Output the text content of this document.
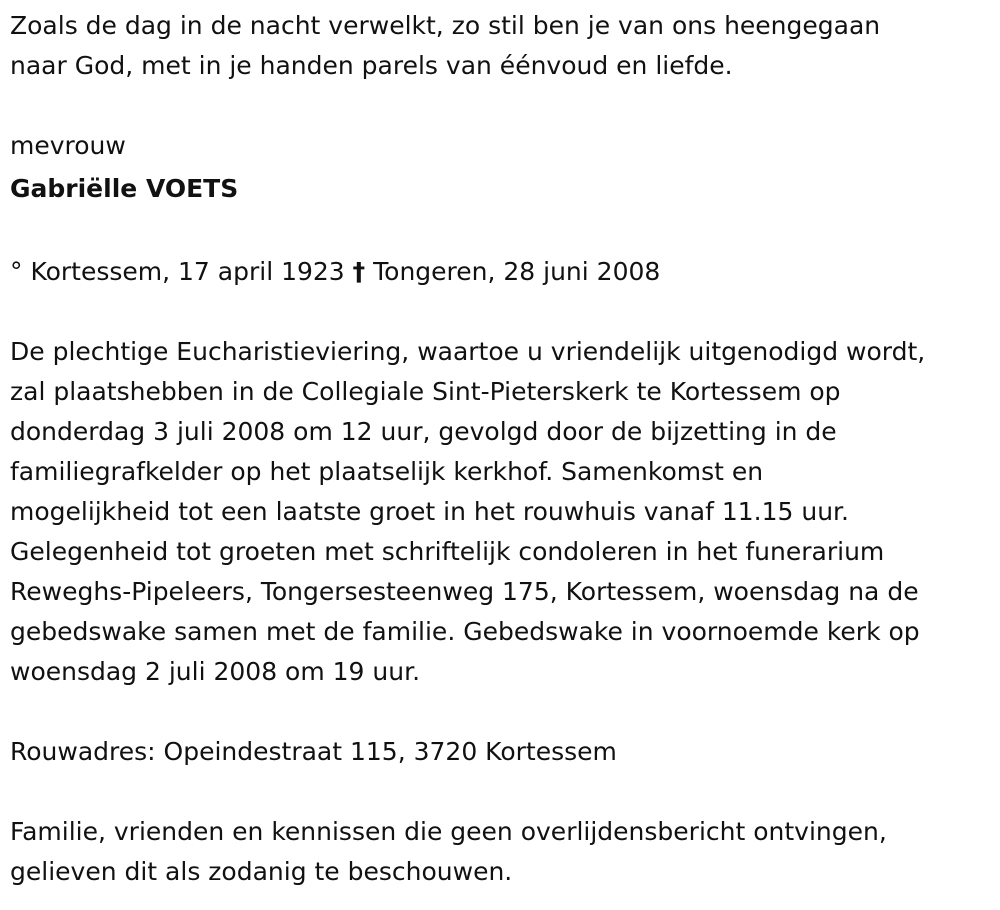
Zoals de dag in de nacht verwelkt, zo stil ben je van ons heengegaan

naar God, met in je handen parels van éénvoud en liefde.

mevrouw

Gabriëlle VOETS

° Kortessem, 17 april 1923 † Tongeren, 28 juni 2008

De plechtige Eucharistieviering, waartoe u vriendelijk uitgenodigd wordt,

zal plaatshebben in de Collegiale Sint-Pieterskerk te Kortessem op

donderdag 3 juli 2008 om 12 uur, gevolgd door de bijzetting in de

familiegrafkelder op het plaatselijk kerkhof. Samenkomst en

mogelijkheid tot een laatste groet in het rouwhuis vanaf 11.15 uur.

Gelegenheid tot groeten met schriftelijk condoleren in het funerarium

Reweghs-Pipeleers, Tongersesteenweg 175, Kortessem, woensdag na de

gebedswake samen met de familie. Gebedswake in voornoemde kerk op

woensdag 2 juli 2008 om 19 uur.

Rouwadres: Opeindestraat 115, 3720 Kortessem

Familie, vrienden en kennissen die geen overlijdensbericht ontvingen,

gelieven dit als zodanig te beschouwen.
